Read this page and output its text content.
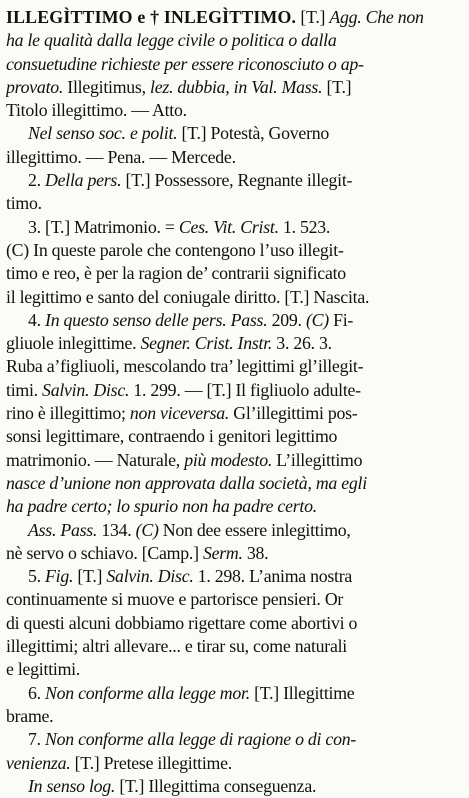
ILLEGÌTTIMO e † INLEGÌTTIMO. [T.] Agg. Che non
ha le qualità dalla legge civile o politica o dalla
consuetudine richieste per essere riconosciuto o ap-
provato. Illegitimus, lez. dubbia, in Val. Mass. [T.]
Titolo illegittimo. — Atto.
Nel senso soc. e polit. [T.] Potestà, Governo
illegittimo. — Pena. — Mercede.
2. Della pers. [T.] Possessore, Regnante illegit-
timo.
3. [T.] Matrimonio. = Ces. Vit. Crist. 1. 523.
(C) In queste parole che contengono l’uso illegit-
timo e reo, è per la ragion de’ contrarii significato
il legittimo e santo del coniugale diritto. [T.] Nascita.
4. In questo senso delle pers. Pass. 209. (C) Fi-
gliuole inlegittime. Segner. Crist. Instr. 3. 26. 3.
Ruba a’figliuoli, mescolando tra’ legittimi gl’illegit-
timi. Salvin. Disc. 1. 299. — [T.] Il figliuolo adulte-
rino è illegittimo; non viceversa. Gl’illegittimi pos-
sonsi legittimare, contraendo i genitori legittimo
matrimonio. — Naturale, più modesto. L’illegittimo
nasce d’unione non approvata dalla società, ma egli
ha padre certo; lo spurio non ha padre certo.
Ass. Pass. 134. (C) Non dee essere inlegittimo,
nè servo o schiavo. [Camp.] Serm. 38.
5. Fig. [T.] Salvin. Disc. 1. 298. L’anima nostra
continuamente si muove e partorisce pensieri. Or
di questi alcuni dobbiamo rigettare come abortivi o
illegittimi; altri allevare... e tirar su, come naturali
e legittimi.
6. Non conforme alla legge mor. [T.] Illegittime
brame.
7. Non conforme alla legge di ragione o di con-
venienza. [T.] Pretese illegittime.
In senso log. [T.] Illegittima conseguenza.
